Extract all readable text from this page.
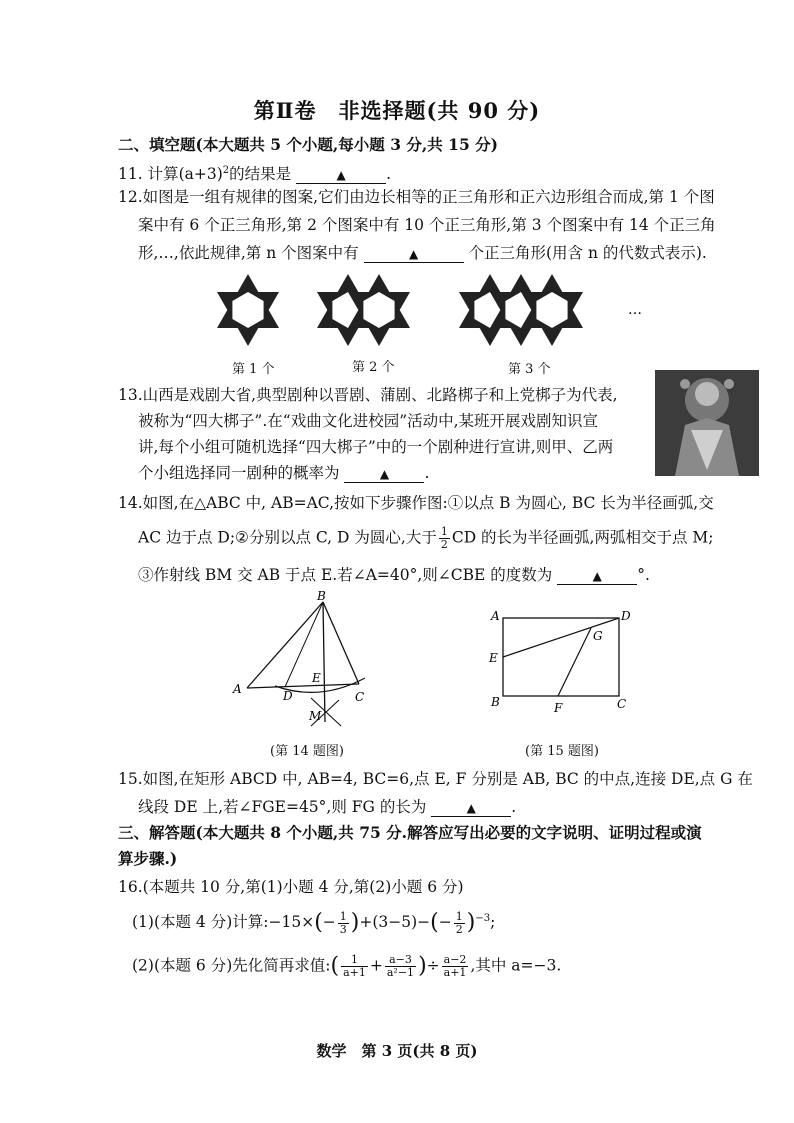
第Ⅱ卷　非选择题(共 90 分)
二、填空题(本大题共 5 个小题,每小题 3 分,共 15 分)
11. 计算$(a+3)^2$的结果是	▲	.
12.如图是一组有规律的图案,它们由边长相等的正三角形和正六边形组合而成,第 1 个图
案中有 6 个正三角形,第 2 个图案中有 10 个正三角形,第 3 个图案中有 14 个正三角
形,…,依此规律,第 n 个图案中有	▲	个正三角形(用含 n 的代数式表示).
…
第 1 个	第 2 个	第 3 个
13.山西是戏剧大省,典型剧种以晋剧、蒲剧、北路梆子和上党梆子为代表,
被称为“四大梆子”.在“戏曲文化进校园”活动中,某班开展戏剧知识宣
讲,每个小组可随机选择“四大梆子”中的一个剧种进行宣讲,则甲、乙两
个小组选择同一剧种的概率为	▲ .
14.如图,在△ABC 中, AB=AC,按如下步骤作图:①以点 B 为圆心, BC 长为半径画弧,交
AC 边于点 D;②分别以点 C, D 为圆心,大于 $\frac{1}{2}$ CD 的长为半径画弧,两弧相交于点 M;
③作射线 BM 交 AB 于点 E.若∠A=40°,则∠CBE 的度数为	▲ °.
B
A
C
D
E
M
(第 14 题图)
A	D
E
G
B	F	C
(第 15 题图)
15.如图,在矩形 ABCD 中, AB=4, BC=6,点 E, F 分别是 AB, BC 的中点,连接 DE,点 G 在
线段 DE 上,若∠FGE=45°,则 FG 的长为	▲ .
三、解答题(本大题共 8 个小题,共 75 分.解答应写出必要的文字说明、证明过程或演
算步骤.)
16.(本题共 10 分,第(1)小题 4 分,第(2)小题 6 分)
(1)(本题 4 分)计算:−15×(− $\frac{1}{3} )+(3-5)-(- \frac{1}{2} )^{-3}$;
(2)(本题 6 分)先化简再求值:( $\frac{1}{a+1} + \frac{a-3}{\text{a²−1}}$ )÷ $\frac{a-2}{a+1}$ ,其中 a=−3.
数学　第 3 页(共 8 页)
